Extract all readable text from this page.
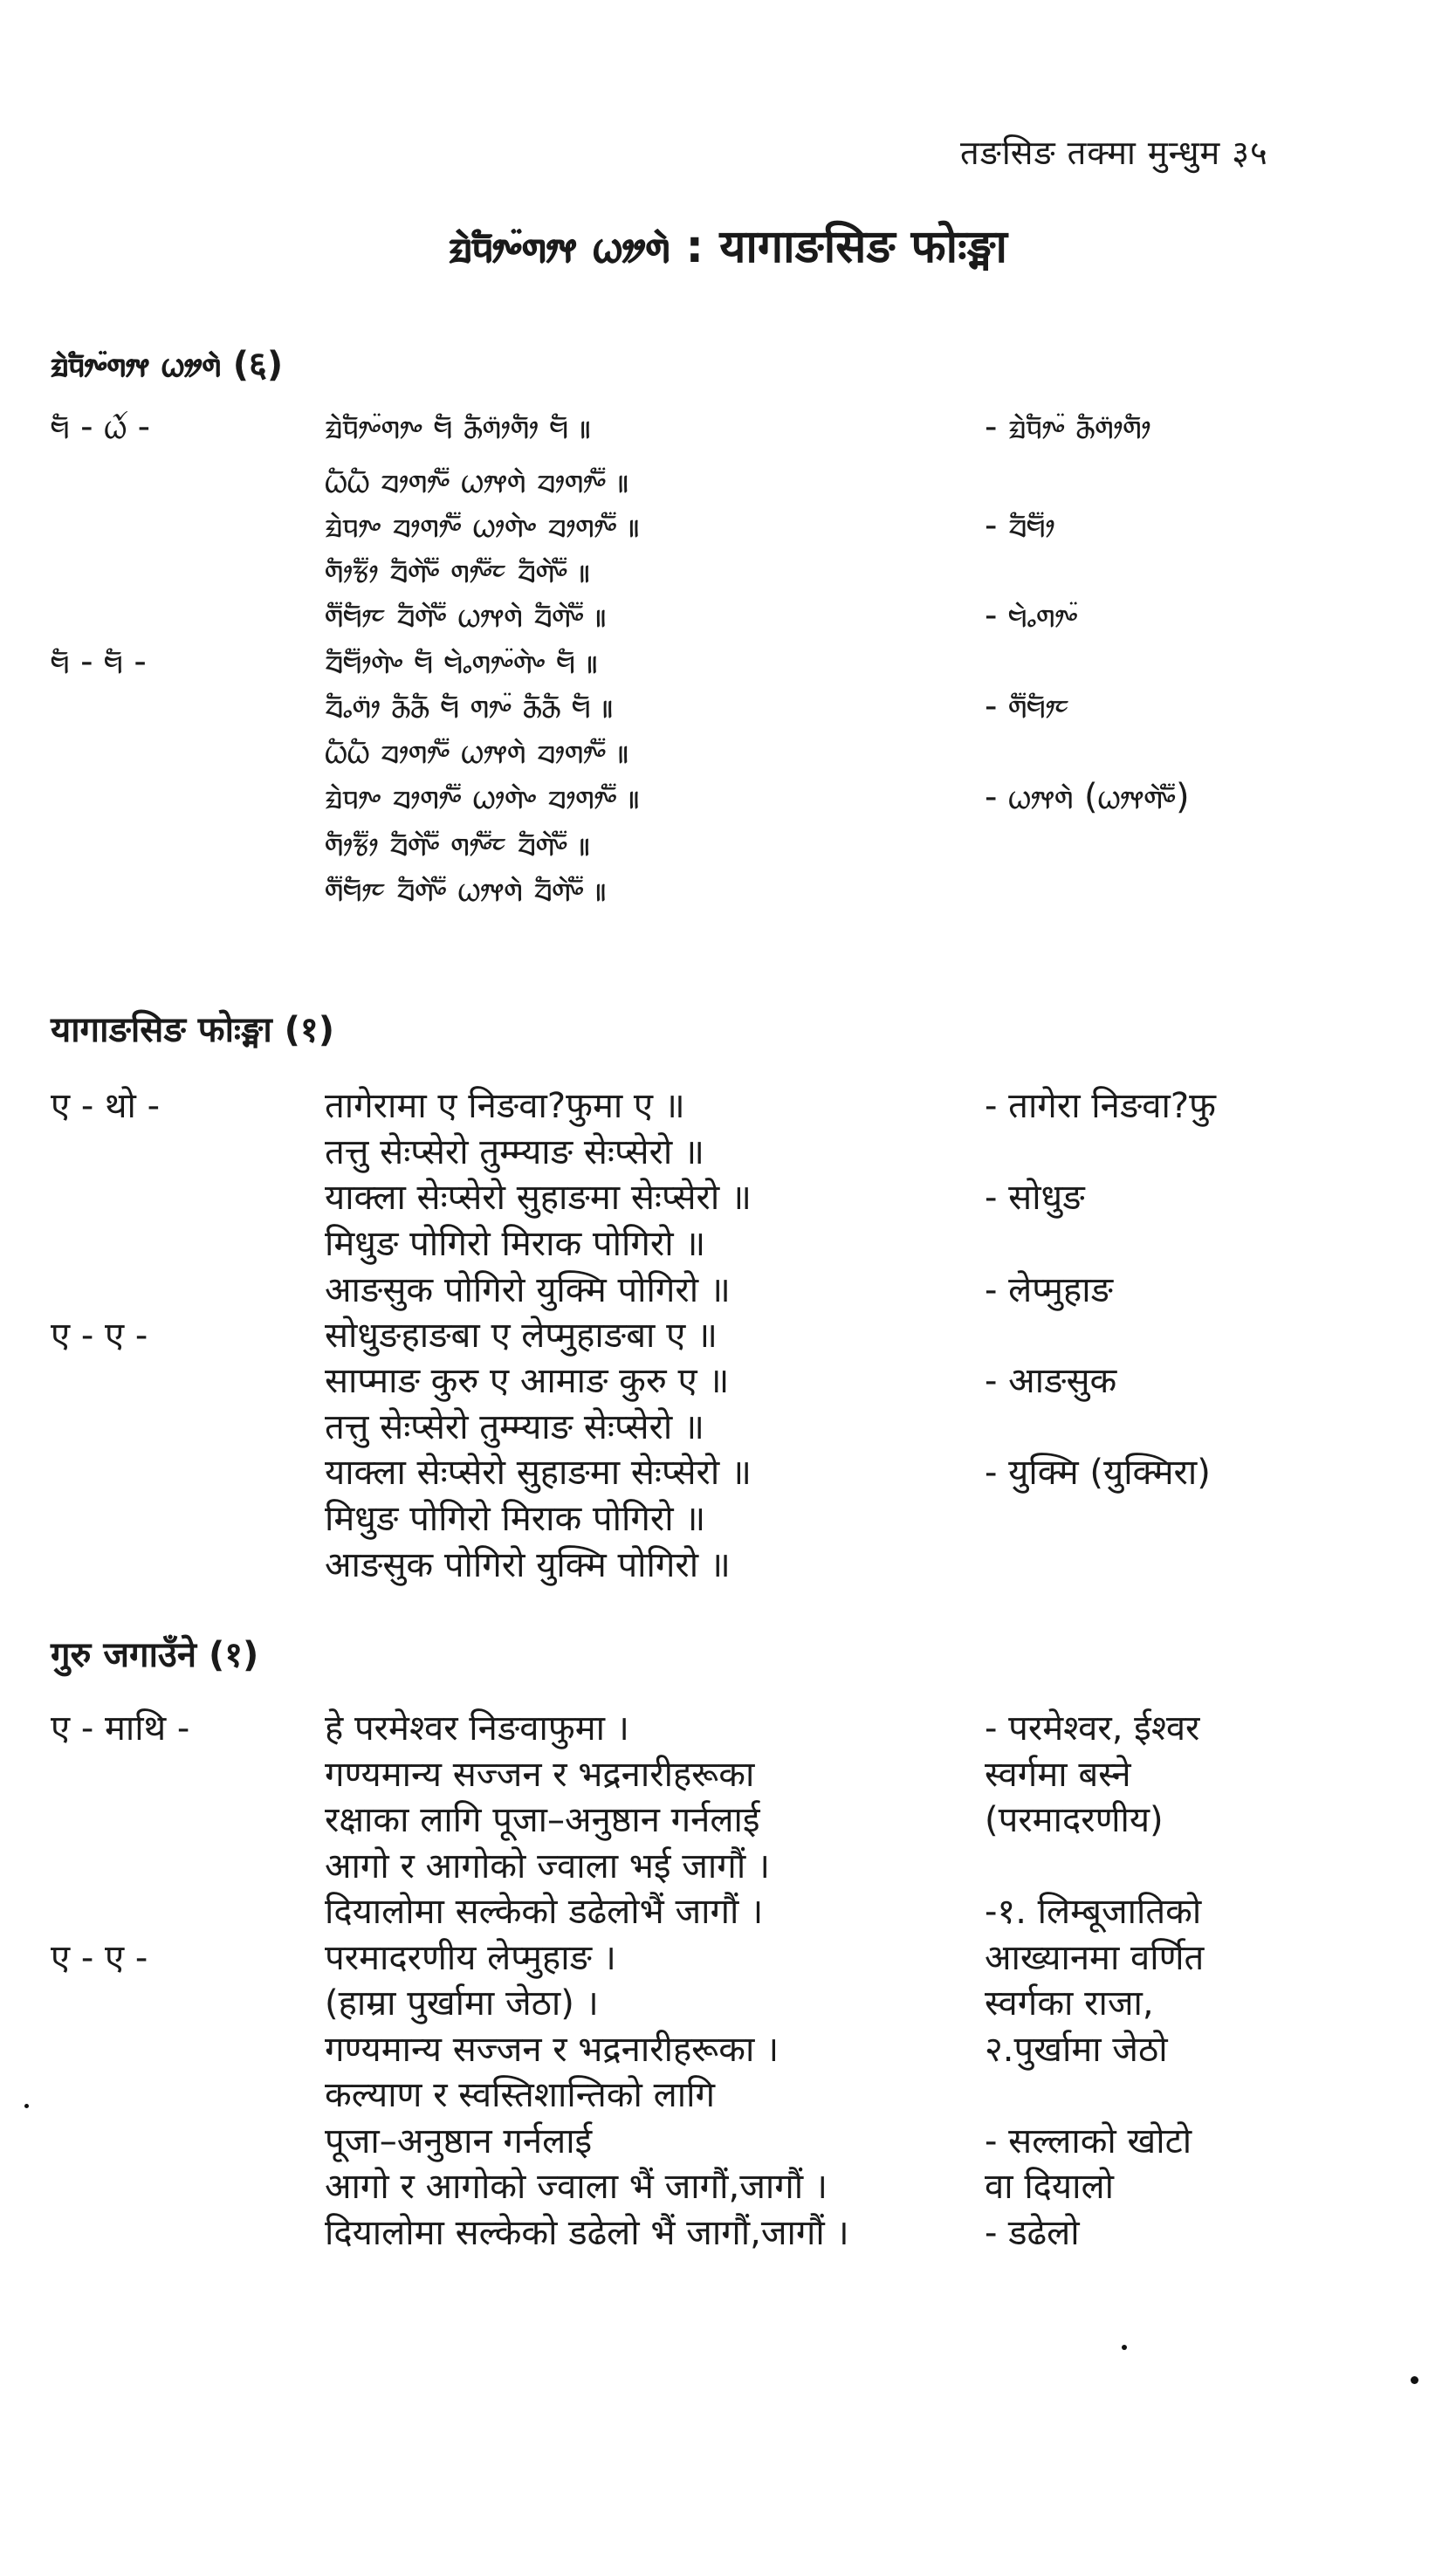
तङसिङ तक्मा मुन्धुम ३५
ᤀᤧᤄᤥᤴ᤺ᤛᤣᤶ ᤐᤤᤛᤧ : यागाङसिङ फोःङ्मा
ᤀᤧᤄᤥᤴ᤺ᤛᤣᤶ ᤐᤤᤛᤧ (६)
ᤗᤠ - ᤐᤨ -	ᤀᤧᤄᤥᤴ᤺ᤛᤣᤴ ᤗᤠ ᤌᤠᤛᤣ᤺ᤛᤥ ᤗᤠ ॥	- ᤀᤧᤄᤥᤴ᤺ ᤌᤠᤛᤣ᤺ᤛᤥ
ᤐᤠᤐᤠ ᤔᤣᤛᤣᤴ᤺ᤠ ᤐᤣᤶᤛᤧ ᤔᤣᤛᤣᤴ᤺ᤠ ॥
ᤀᤧᤄᤣᤴ ᤔᤣᤛᤣᤴ᤺ᤠ ᤐᤣᤛᤧᤴ ᤔᤣᤛᤣᤴ᤺ᤠ ॥	- ᤔᤠᤗᤥ᤺
ᤛᤥᤃᤥ᤺ ᤔᤠᤛᤧᤴ᤺ᤠ ᤛᤣᤴ᤺ᤠᤰ ᤔᤠᤛᤧᤴ᤺ᤠ ॥
ᤛᤠ᤺ᤗᤥᤰ ᤔᤠᤛᤧᤴ᤺ᤠ ᤐᤣᤶᤛᤧ ᤔᤠᤛᤧᤴ᤺ᤠ ॥	- ᤗᤧᤱᤛᤣᤴ᤺
ᤗᤠ - ᤗᤠ -	ᤔᤠᤗᤥ᤺ᤛᤧᤴ ᤗᤠ ᤗᤧᤱᤛᤣᤴ᤺ᤛᤧᤴ ᤗᤠ ॥
ᤔᤠᤱᤛᤣ᤺ ᤌᤠᤌᤠ ᤗᤠ ᤛᤣᤴ᤺ ᤌᤠᤌᤠ ᤗᤠ ॥	- ᤛᤠ᤺ᤗᤥᤰ
ᤐᤠᤐᤠ ᤔᤣᤛᤣᤴ᤺ᤠ ᤐᤣᤶᤛᤧ ᤔᤣᤛᤣᤴ᤺ᤠ ॥
ᤀᤧᤄᤣᤴ ᤔᤣᤛᤣᤴ᤺ᤠ ᤐᤣᤛᤧᤴ ᤔᤣᤛᤣᤴ᤺ᤠ ॥	- ᤐᤣᤶᤛᤧ (ᤐᤣᤶᤛᤧᤴ᤺ᤠ)
ᤛᤥᤃᤥ᤺ ᤔᤠᤛᤧᤴ᤺ᤠ ᤛᤣᤴ᤺ᤠᤰ ᤔᤠᤛᤧᤴ᤺ᤠ ॥
ᤛᤠ᤺ᤗᤥᤰ ᤔᤠᤛᤧᤴ᤺ᤠ ᤐᤣᤶᤛᤧ ᤔᤠᤛᤧᤴ᤺ᤠ ॥
यागाङसिङ फोःङ्मा (१)
ए - थो -	तागेरामा ए निङवा?फुमा ए ॥	- तागेरा निङवा?फु
तत्तु सेःप्सेरो तुम्म्याङ सेःप्सेरो ॥
याक्ला सेःप्सेरो सुहाङमा सेःप्सेरो ॥	- सोधुङ
मिधुङ पोगिरो मिराक पोगिरो ॥
आङसुक पोगिरो युक्मि पोगिरो ॥	- लेप्मुहाङ
ए - ए -	सोधुङहाङबा ए लेप्मुहाङबा ए ॥
साप्माङ कुरु ए आमाङ कुरु ए ॥	- आङसुक
तत्तु सेःप्सेरो तुम्म्याङ सेःप्सेरो ॥
याक्ला सेःप्सेरो सुहाङमा सेःप्सेरो ॥	- युक्मि (युक्मिरा)
मिधुङ पोगिरो मिराक पोगिरो ॥
आङसुक पोगिरो युक्मि पोगिरो ॥
गुरु जगाउँने (१)
ए - माथि -	हे परमेश्वर निङवाफुमा ।	- परमेश्वर, ईश्वर
गण्यमान्य सज्जन र भद्रनारीहरूका	स्वर्गमा बस्ने
रक्षाका लागि पूजा–अनुष्ठान गर्नलाई	(परमादरणीय)
आगो र आगोको ज्वाला भई जागौं ।
दियालोमा सल्केको डढेलोभैं जागौं ।	-१. लिम्बूजातिको
ए - ए -	परमादरणीय लेप्मुहाङ ।	आख्यानमा वर्णित
(हाम्रा पुर्खामा जेठा) ।	स्वर्गका राजा,
गण्यमान्य सज्जन र भद्रनारीहरूका ।	२.पुर्खामा जेठो
कल्याण र स्वस्तिशान्तिको लागि
पूजा–अनुष्ठान गर्नलाई	- सल्लाको खोटो
आगो र आगोको ज्वाला भैं जागौं,जागौं ।	वा दियालो
दियालोमा सल्केको डढेलो भैं जागौं,जागौं ।	- डढेलो
